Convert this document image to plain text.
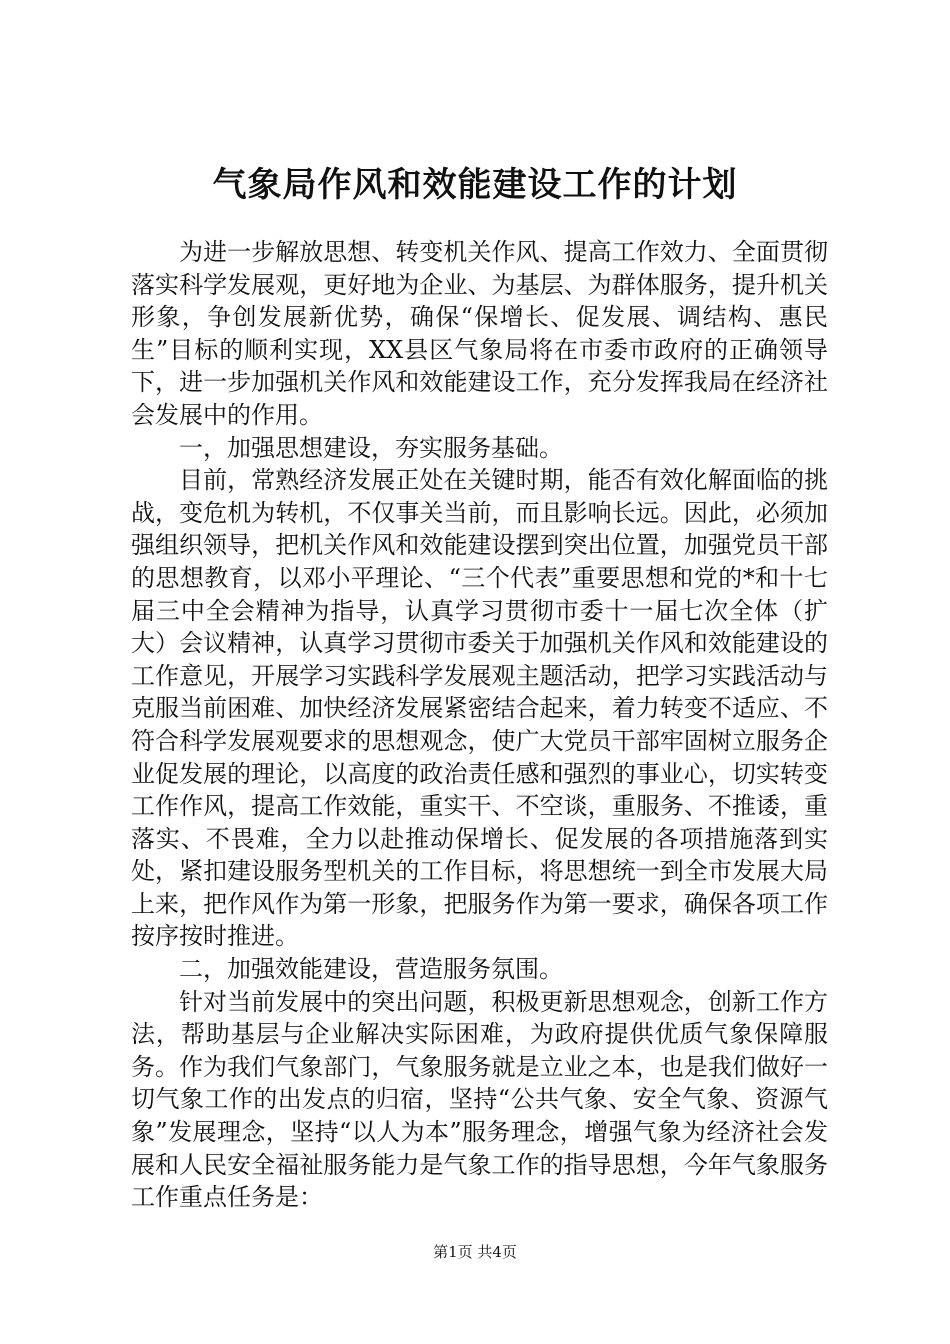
气象局作风和效能建设工作的计划

为进一步解放思想、转变机关作风、提高工作效力、全面贯彻落实科学发展观，更好地为企业、为基层、为群体服务，提升机关形象，争创发展新优势，确保“保增长、促发展、调结构、惠民生”目标的顺利实现，XX县区气象局将在市委市政府的正确领导下，进一步加强机关作风和效能建设工作，充分发挥我局在经济社会发展中的作用。

一，加强思想建设，夯实服务基础。

目前，常熟经济发展正处在关键时期，能否有效化解面临的挑战，变危机为转机，不仅事关当前，而且影响长远。因此，必须加强组织领导，把机关作风和效能建设摆到突出位置，加强党员干部的思想教育，以邓小平理论、“三个代表”重要思想和党的*和十七届三中全会精神为指导，认真学习贯彻市委十一届七次全体（扩大）会议精神，认真学习贯彻市委关于加强机关作风和效能建设的工作意见，开展学习实践科学发展观主题活动，把学习实践活动与克服当前困难、加快经济发展紧密结合起来，着力转变不适应、不符合科学发展观要求的思想观念，使广大党员干部牢固树立服务企业促发展的理论，以高度的政治责任感和强烈的事业心，切实转变工作作风，提高工作效能，重实干、不空谈，重服务、不推诿，重落实、不畏难，全力以赴推动保增长、促发展的各项措施落到实处，紧扣建设服务型机关的工作目标，将思想统一到全市发展大局上来，把作风作为第一形象，把服务作为第一要求，确保各项工作按序按时推进。

二，加强效能建设，营造服务氛围。

针对当前发展中的突出问题，积极更新思想观念，创新工作方法，帮助基层与企业解决实际困难，为政府提供优质气象保障服务。作为我们气象部门，气象服务就是立业之本，也是我们做好一切气象工作的出发点的归宿，坚持“公共气象、安全气象、资源气象”发展理念，坚持“以人为本”服务理念，增强气象为经济社会发展和人民安全福祉服务能力是气象工作的指导思想，今年气象服务工作重点任务是：

第1页 共4页
